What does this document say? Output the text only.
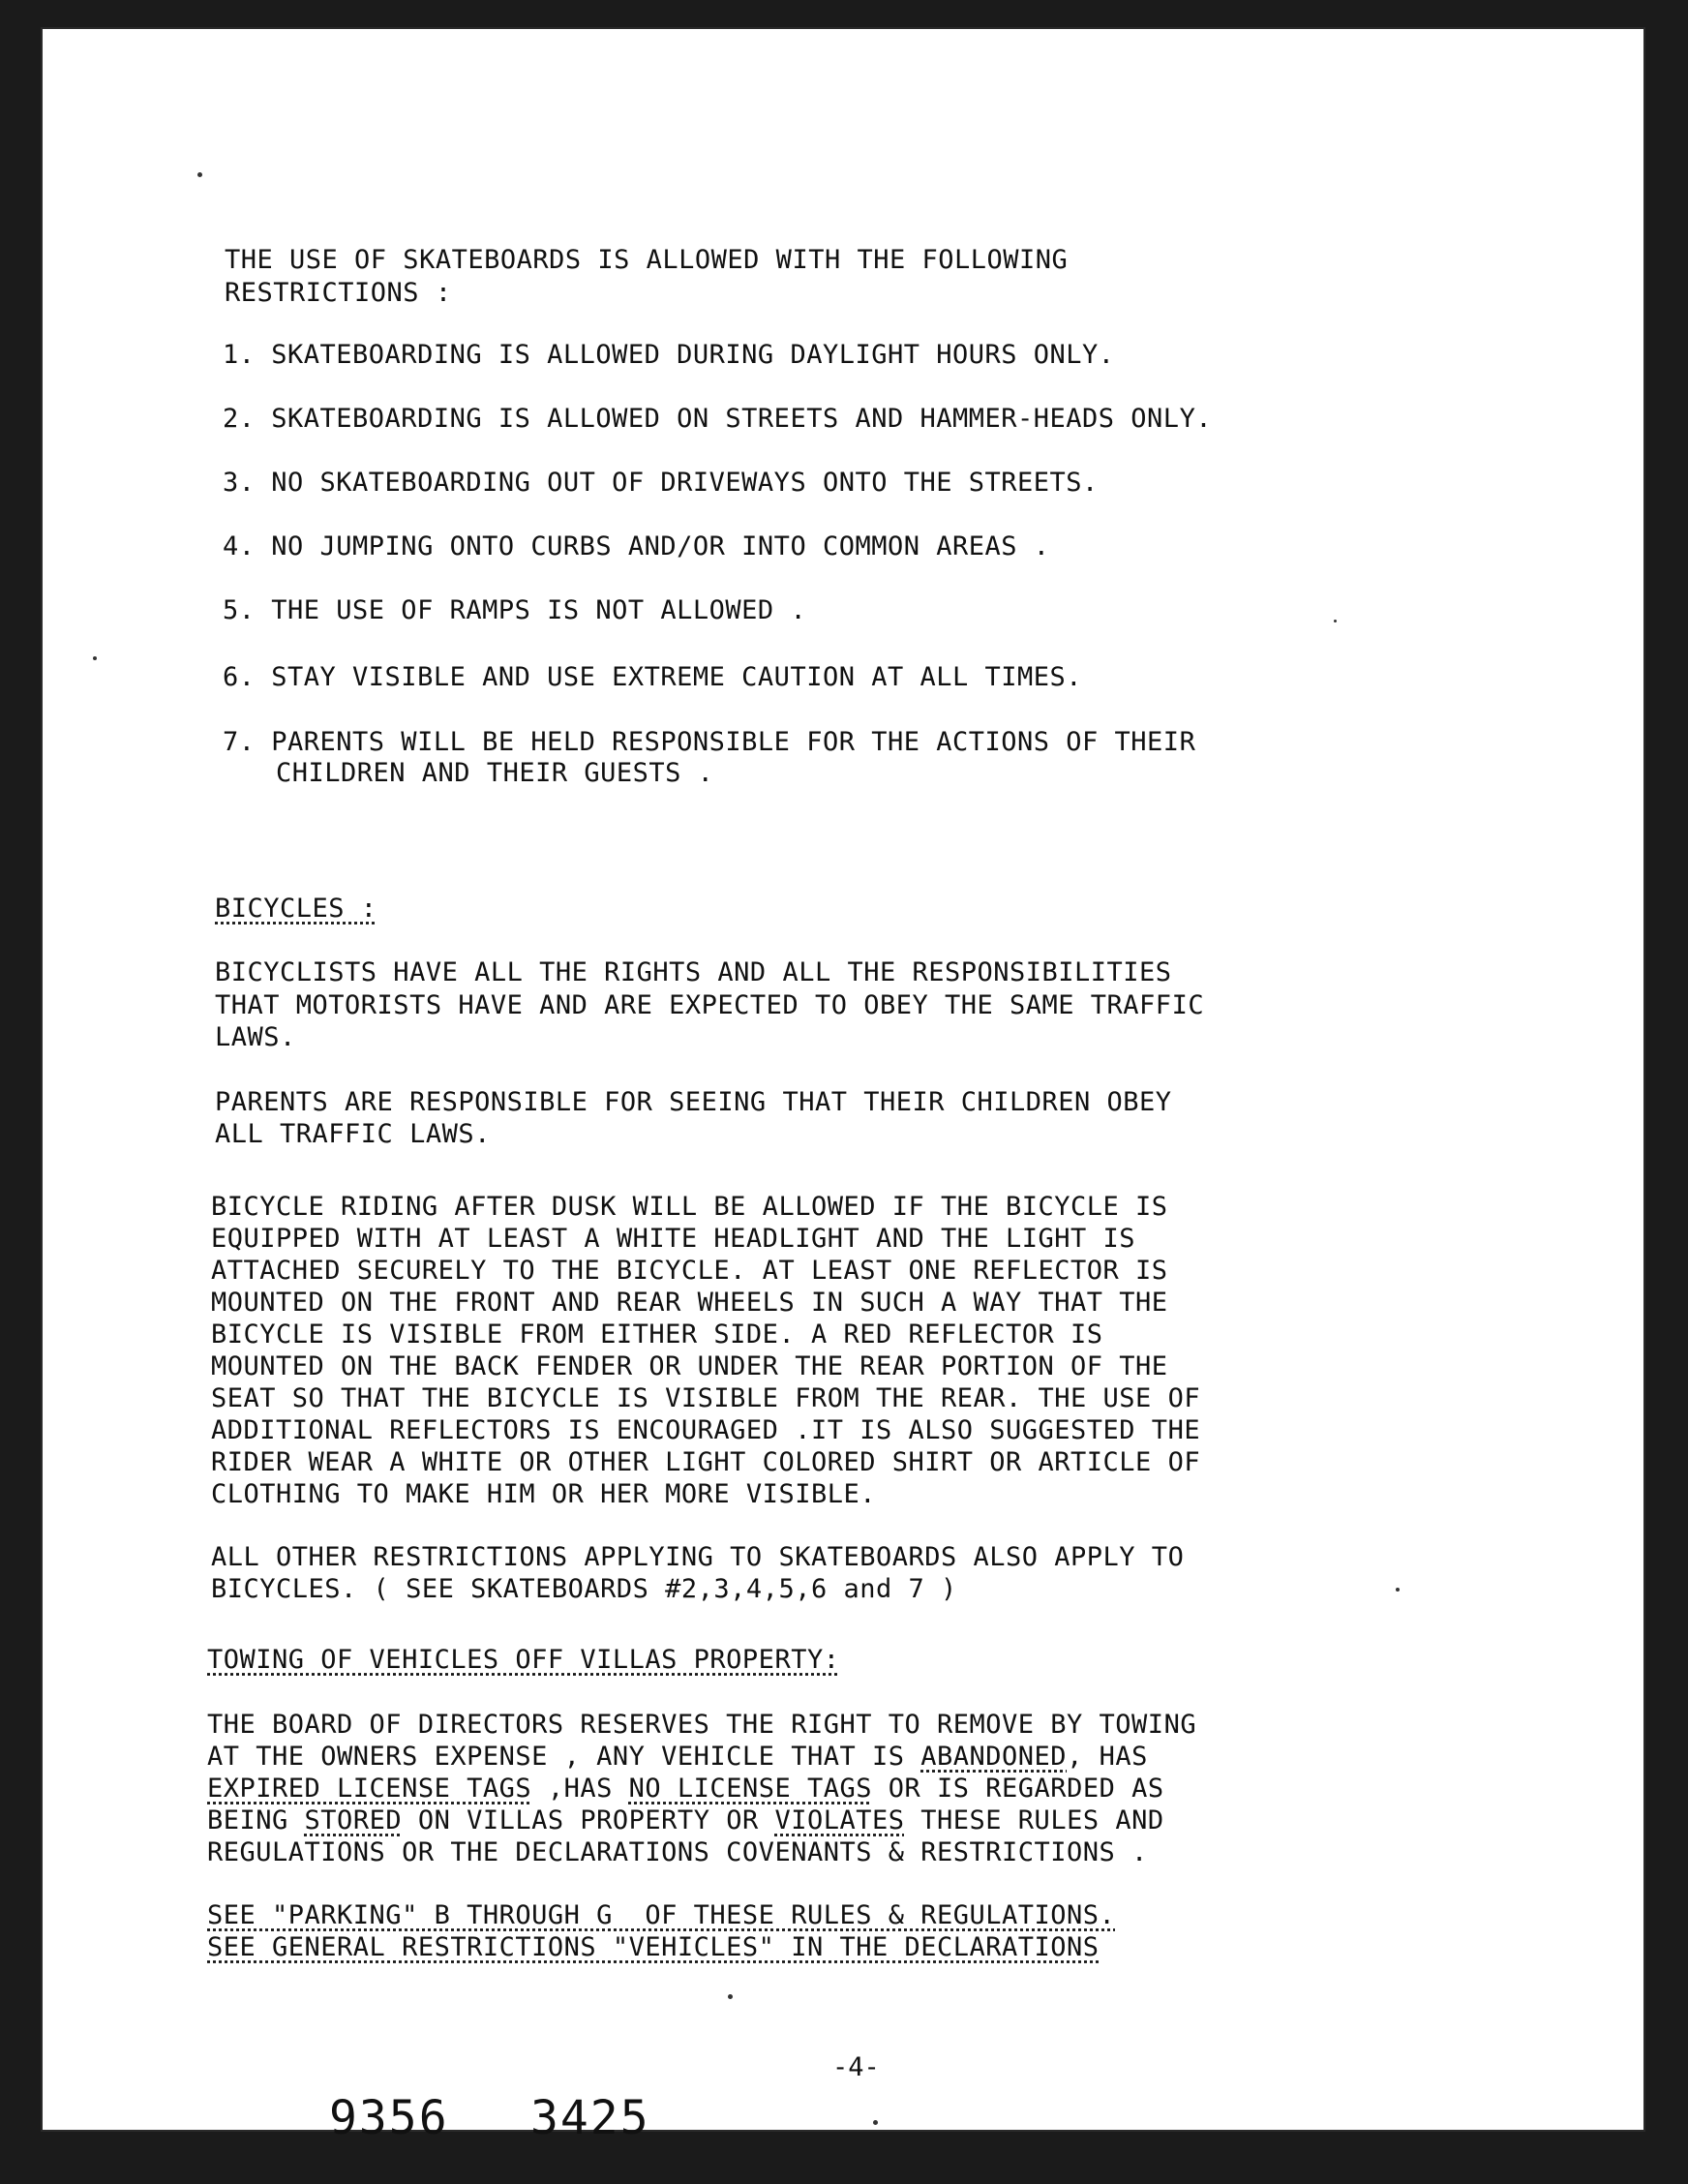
THE USE OF SKATEBOARDS IS ALLOWED WITH THE FOLLOWING

RESTRICTIONS :

1. SKATEBOARDING IS ALLOWED DURING DAYLIGHT HOURS ONLY.

2. SKATEBOARDING IS ALLOWED ON STREETS AND HAMMER-HEADS ONLY.

3. NO SKATEBOARDING OUT OF DRIVEWAYS ONTO THE STREETS.

4. NO JUMPING ONTO CURBS AND/OR INTO COMMON AREAS .

5. THE USE OF RAMPS IS NOT ALLOWED .

6. STAY VISIBLE AND USE EXTREME CAUTION AT ALL TIMES.

7. PARENTS WILL BE HELD RESPONSIBLE FOR THE ACTIONS OF THEIR

CHILDREN AND THEIR GUESTS .

BICYCLES :

BICYCLISTS HAVE ALL THE RIGHTS AND ALL THE RESPONSIBILITIES

THAT MOTORISTS HAVE AND ARE EXPECTED TO OBEY THE SAME TRAFFIC

LAWS.

PARENTS ARE RESPONSIBLE FOR SEEING THAT THEIR CHILDREN OBEY

ALL TRAFFIC LAWS.

BICYCLE RIDING AFTER DUSK WILL BE ALLOWED IF THE BICYCLE IS

EQUIPPED WITH AT LEAST A WHITE HEADLIGHT AND THE LIGHT IS

ATTACHED SECURELY TO THE BICYCLE. AT LEAST ONE REFLECTOR IS

MOUNTED ON THE FRONT AND REAR WHEELS IN SUCH A WAY THAT THE

BICYCLE IS VISIBLE FROM EITHER SIDE. A RED REFLECTOR IS

MOUNTED ON THE BACK FENDER OR UNDER THE REAR PORTION OF THE

SEAT SO THAT THE BICYCLE IS VISIBLE FROM THE REAR. THE USE OF

ADDITIONAL REFLECTORS IS ENCOURAGED .IT IS ALSO SUGGESTED THE

RIDER WEAR A WHITE OR OTHER LIGHT COLORED SHIRT OR ARTICLE OF

CLOTHING TO MAKE HIM OR HER MORE VISIBLE.

ALL OTHER RESTRICTIONS APPLYING TO SKATEBOARDS ALSO APPLY TO

BICYCLES. ( SEE SKATEBOARDS #2,3,4,5,6 and 7 )

TOWING OF VEHICLES OFF VILLAS PROPERTY:

THE BOARD OF DIRECTORS RESERVES THE RIGHT TO REMOVE BY TOWING

AT THE OWNERS EXPENSE , ANY VEHICLE THAT IS ABANDONED, HAS

EXPIRED LICENSE TAGS ,HAS NO LICENSE TAGS OR IS REGARDED AS

BEING STORED ON VILLAS PROPERTY OR VIOLATES THESE RULES AND

REGULATIONS OR THE DECLARATIONS COVENANTS & RESTRICTIONS .

SEE "PARKING" B THROUGH G  OF THESE RULES & REGULATIONS.

SEE GENERAL RESTRICTIONS "VEHICLES" IN THE DECLARATIONS

-4-
9356 3425
